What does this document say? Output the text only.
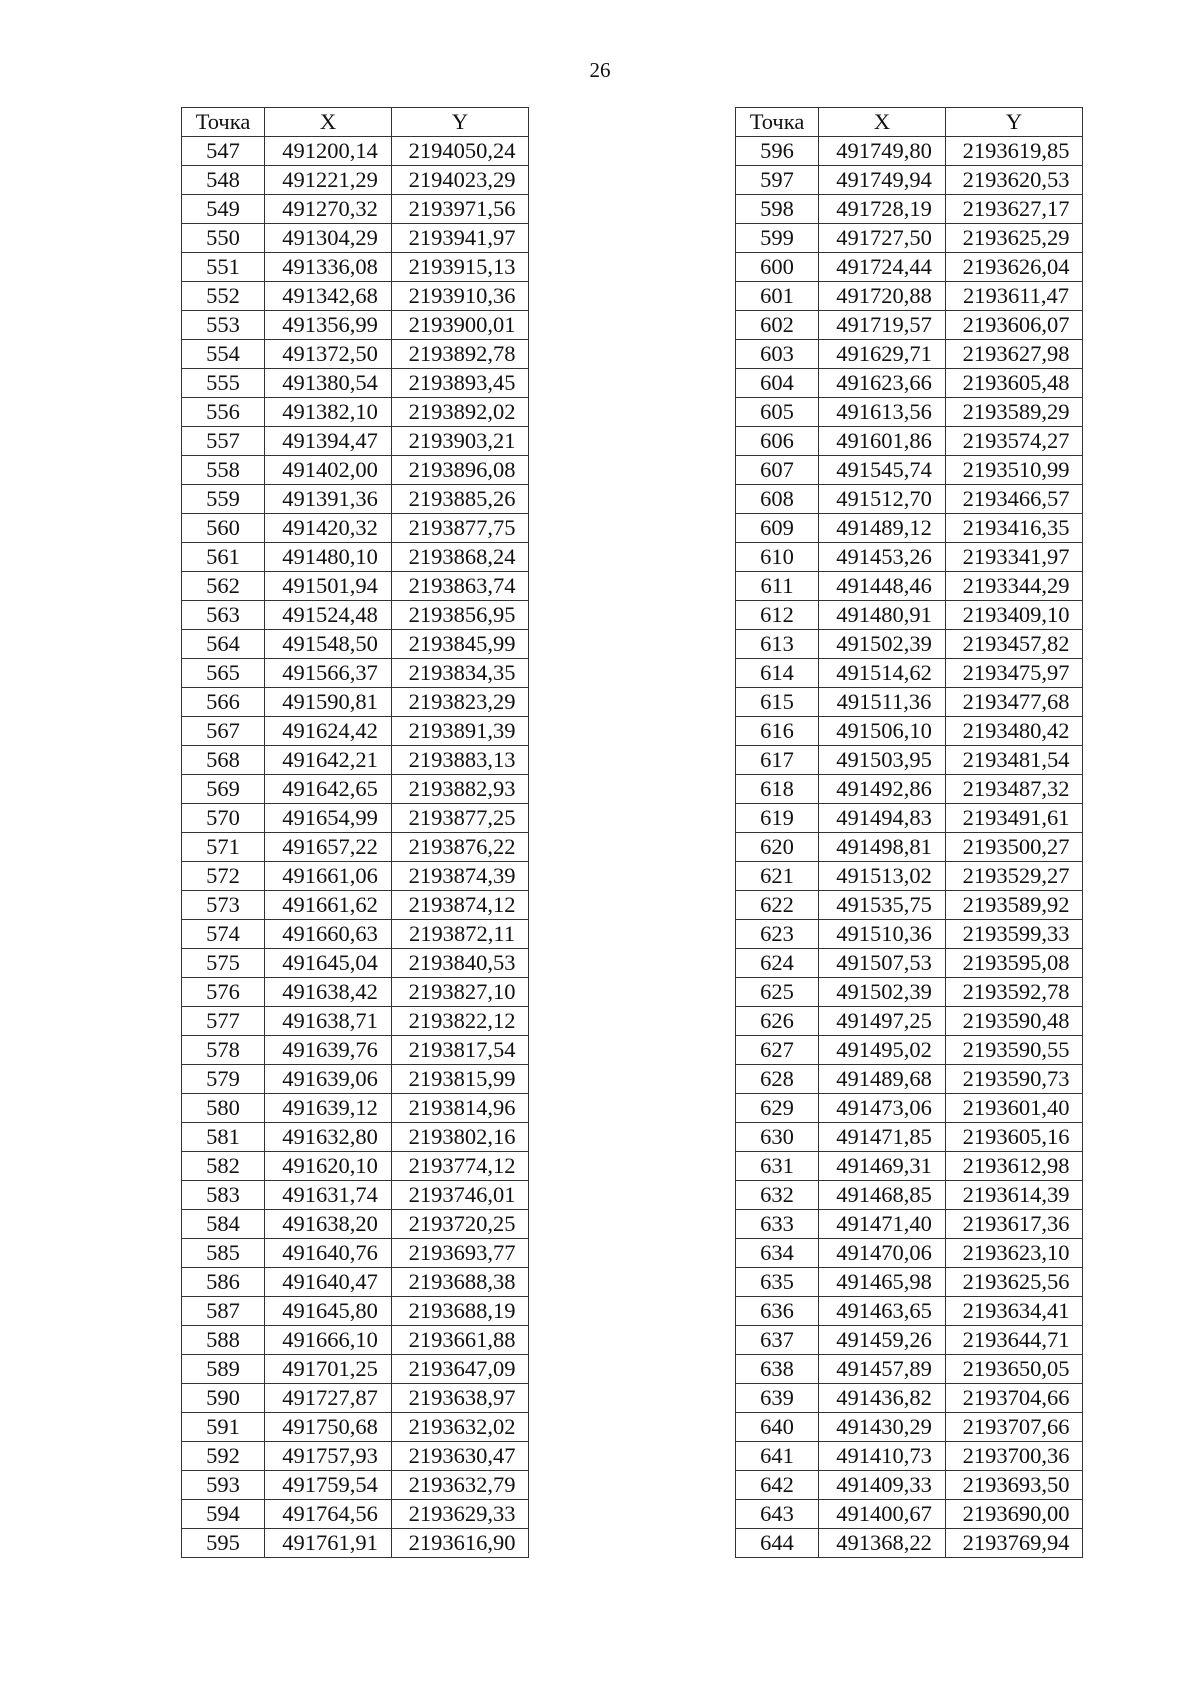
26
Точка	X	Y
547	491200,14	2194050,24
548	491221,29	2194023,29
549	491270,32	2193971,56
550	491304,29	2193941,97
551	491336,08	2193915,13
552	491342,68	2193910,36
553	491356,99	2193900,01
554	491372,50	2193892,78
555	491380,54	2193893,45
556	491382,10	2193892,02
557	491394,47	2193903,21
558	491402,00	2193896,08
559	491391,36	2193885,26
560	491420,32	2193877,75
561	491480,10	2193868,24
562	491501,94	2193863,74
563	491524,48	2193856,95
564	491548,50	2193845,99
565	491566,37	2193834,35
566	491590,81	2193823,29
567	491624,42	2193891,39
568	491642,21	2193883,13
569	491642,65	2193882,93
570	491654,99	2193877,25
571	491657,22	2193876,22
572	491661,06	2193874,39
573	491661,62	2193874,12
574	491660,63	2193872,11
575	491645,04	2193840,53
576	491638,42	2193827,10
577	491638,71	2193822,12
578	491639,76	2193817,54
579	491639,06	2193815,99
580	491639,12	2193814,96
581	491632,80	2193802,16
582	491620,10	2193774,12
583	491631,74	2193746,01
584	491638,20	2193720,25
585	491640,76	2193693,77
586	491640,47	2193688,38
587	491645,80	2193688,19
588	491666,10	2193661,88
589	491701,25	2193647,09
590	491727,87	2193638,97
591	491750,68	2193632,02
592	491757,93	2193630,47
593	491759,54	2193632,79
594	491764,56	2193629,33
595	491761,91	2193616,90
Точка	X	Y
596	491749,80	2193619,85
597	491749,94	2193620,53
598	491728,19	2193627,17
599	491727,50	2193625,29
600	491724,44	2193626,04
601	491720,88	2193611,47
602	491719,57	2193606,07
603	491629,71	2193627,98
604	491623,66	2193605,48
605	491613,56	2193589,29
606	491601,86	2193574,27
607	491545,74	2193510,99
608	491512,70	2193466,57
609	491489,12	2193416,35
610	491453,26	2193341,97
611	491448,46	2193344,29
612	491480,91	2193409,10
613	491502,39	2193457,82
614	491514,62	2193475,97
615	491511,36	2193477,68
616	491506,10	2193480,42
617	491503,95	2193481,54
618	491492,86	2193487,32
619	491494,83	2193491,61
620	491498,81	2193500,27
621	491513,02	2193529,27
622	491535,75	2193589,92
623	491510,36	2193599,33
624	491507,53	2193595,08
625	491502,39	2193592,78
626	491497,25	2193590,48
627	491495,02	2193590,55
628	491489,68	2193590,73
629	491473,06	2193601,40
630	491471,85	2193605,16
631	491469,31	2193612,98
632	491468,85	2193614,39
633	491471,40	2193617,36
634	491470,06	2193623,10
635	491465,98	2193625,56
636	491463,65	2193634,41
637	491459,26	2193644,71
638	491457,89	2193650,05
639	491436,82	2193704,66
640	491430,29	2193707,66
641	491410,73	2193700,36
642	491409,33	2193693,50
643	491400,67	2193690,00
644	491368,22	2193769,94
